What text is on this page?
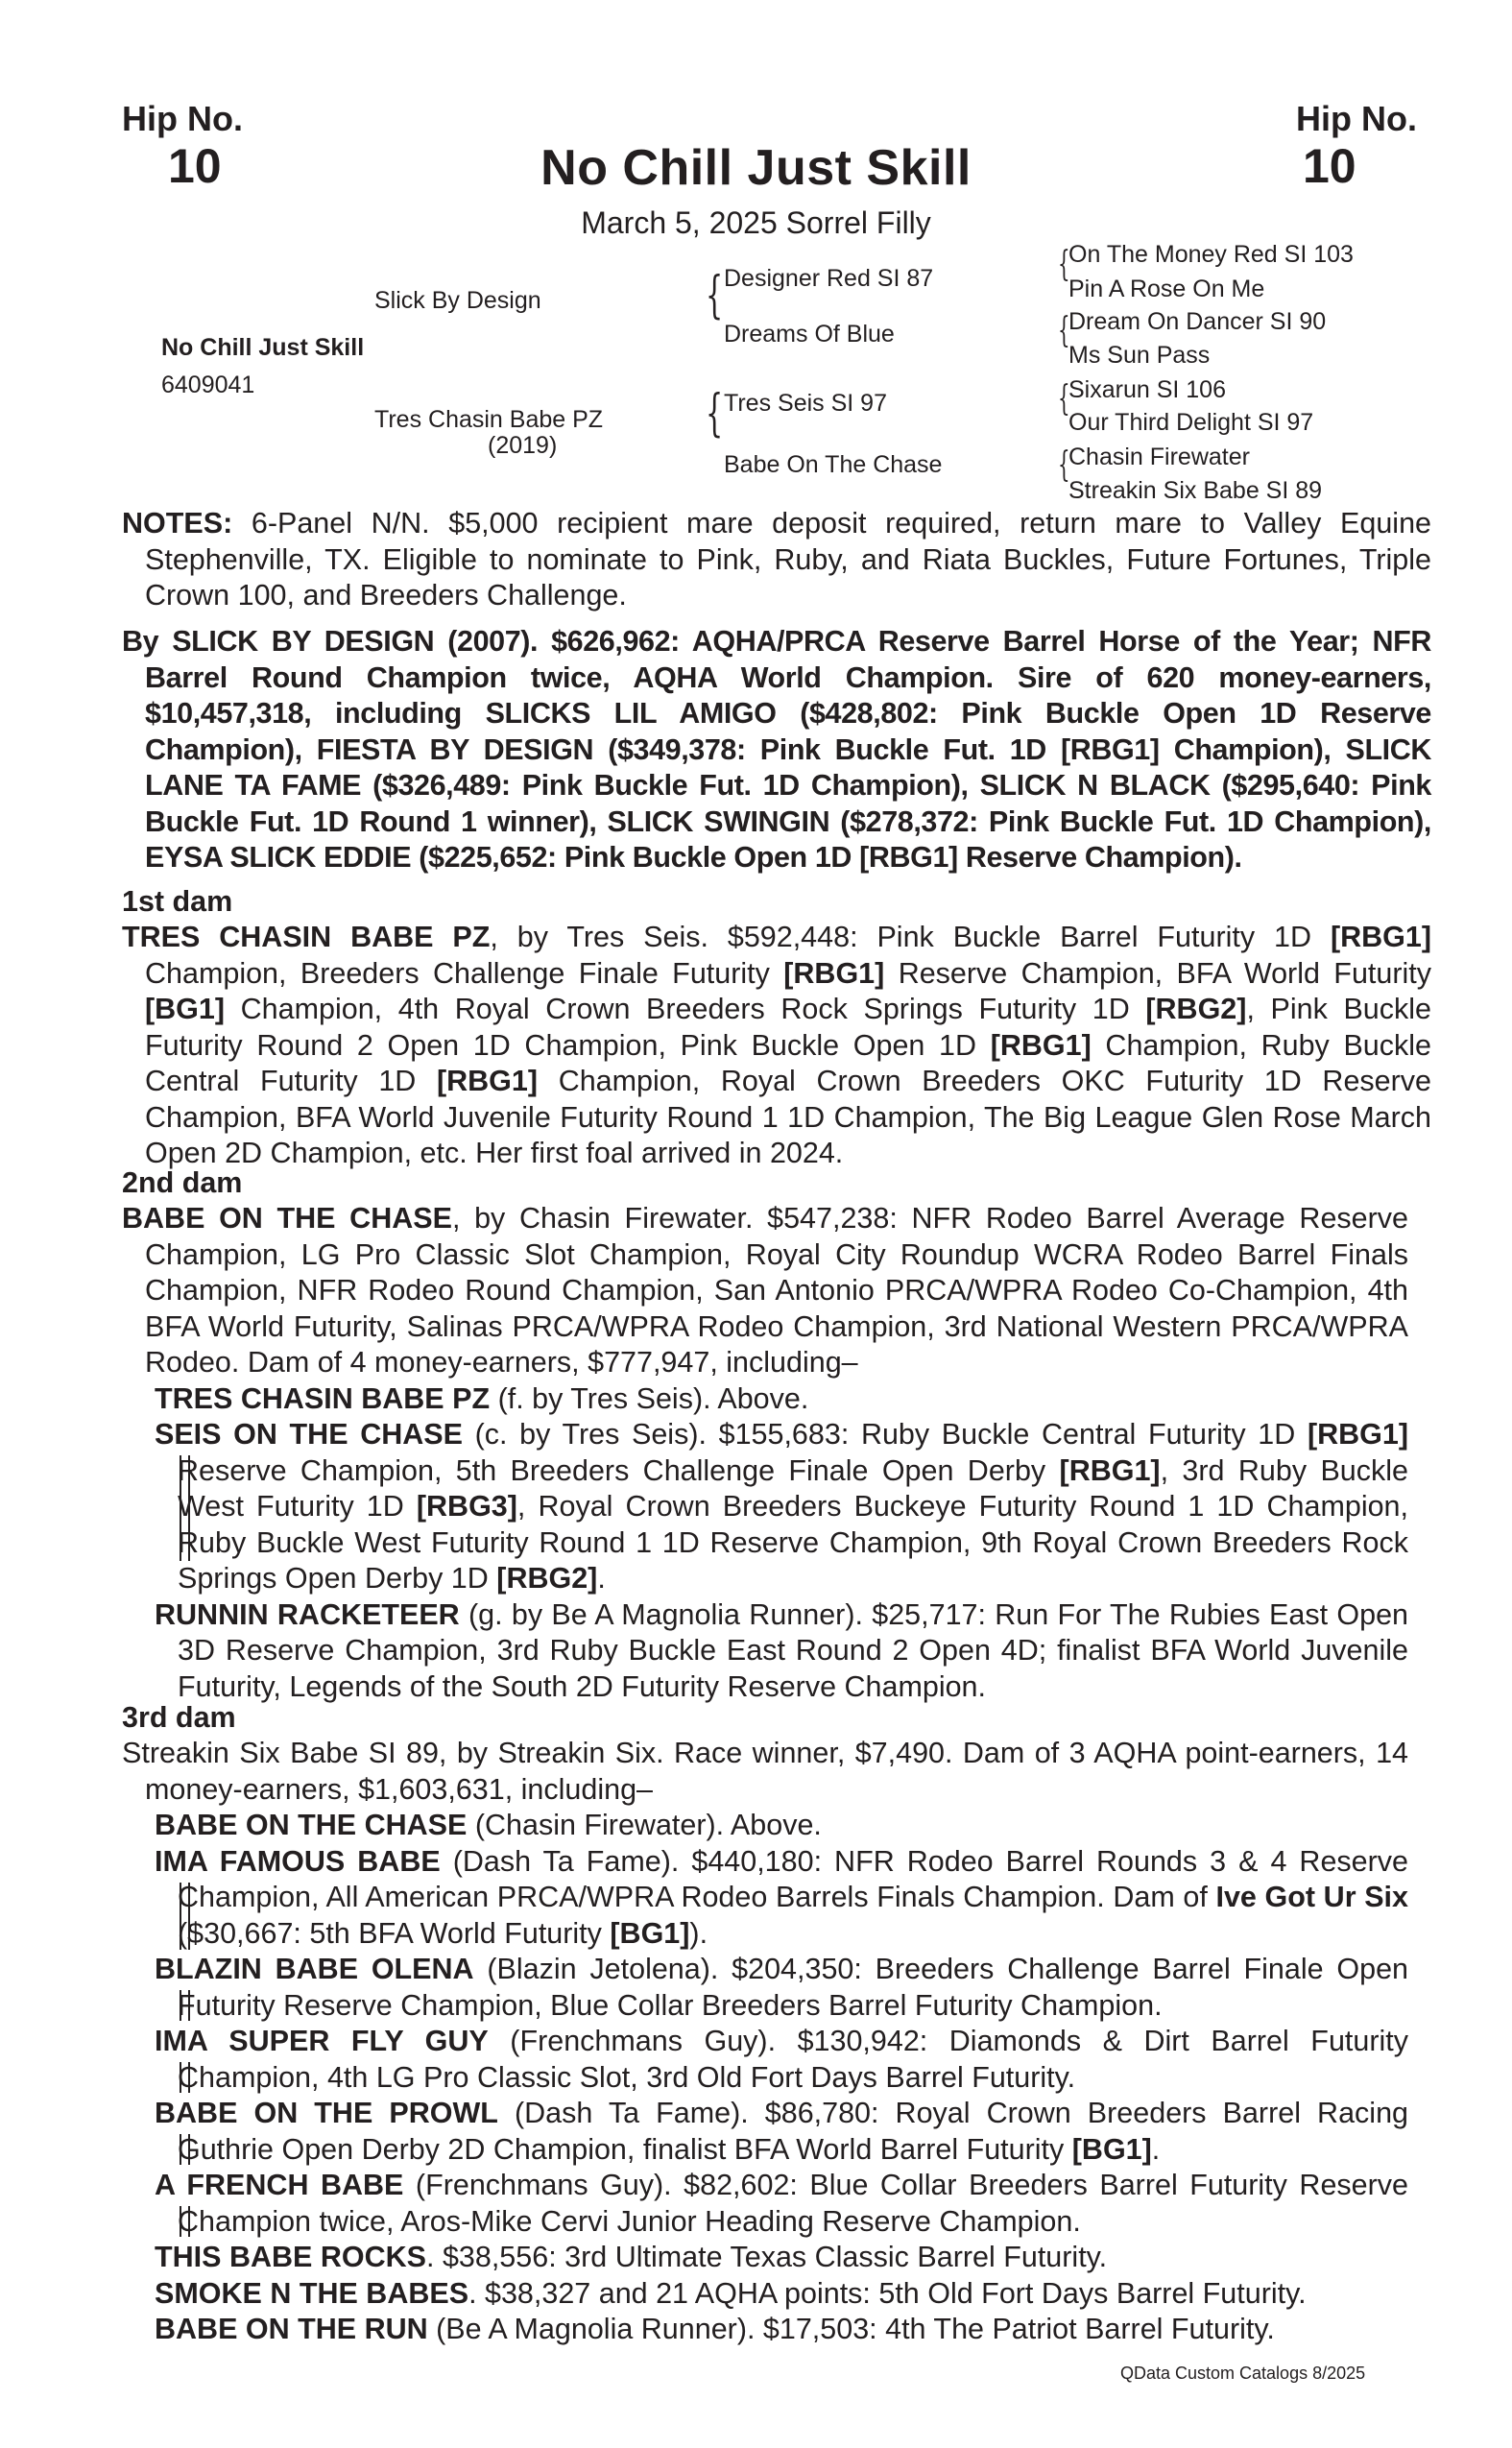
Hip No.
10
Hip No.
10
No Chill Just Skill
March 5, 2025 Sorrel Filly
No Chill Just Skill
6409041
Slick By Design
Tres Chasin Babe PZ
(2019)
{
{
Designer Red SI 87
Dreams Of Blue
Tres Seis SI 97
Babe On The Chase
{
{
{
{
On The Money Red SI 103
Pin A Rose On Me
Dream On Dancer SI 90
Ms Sun Pass
Sixarun SI 106
Our Third Delight SI 97
Chasin Firewater
Streakin Six Babe SI 89
NOTES: 6-Panel N/N. $5,000 recipient mare deposit required, return mare to Valley Equine Stephenville, TX. Eligible to nominate to Pink, Ruby, and Riata Buckles, Future Fortunes, Triple Crown 100, and Breeders Challenge.
By SLICK BY DESIGN (2007). $626,962: AQHA/PRCA Reserve Barrel Horse of the Year; NFR Barrel Round Champion twice, AQHA World Champion. Sire of 620 money-earners, $10,457,318, including SLICKS LIL AMIGO ($428,802: Pink Buckle Open 1D Reserve Champion), FIESTA BY DESIGN ($349,378: Pink Buckle Fut. 1D [RBG1] Champion), SLICK LANE TA FAME ($326,489: Pink Buckle Fut. 1D Champion), SLICK N BLACK ($295,640: Pink Buckle Fut. 1D Round 1 winner), SLICK SWINGIN ($278,372: Pink Buckle Fut. 1D Champion), EYSA SLICK EDDIE ($225,652: Pink Buckle Open 1D [RBG1] Reserve Champion).
1st dam
TRES CHASIN BABE PZ, by Tres Seis. $592,448: Pink Buckle Barrel Futurity 1D [RBG1] Champion, Breeders Challenge Finale Futurity [RBG1] Reserve Champion, BFA World Futurity [BG1] Champion, 4th Royal Crown Breeders Rock Springs Futurity 1D [RBG2], Pink Buckle Futurity Round 2 Open 1D Champion, Pink Buckle Open 1D [RBG1] Champion, Ruby Buckle Central Futurity 1D [RBG1] Champion, Royal Crown Breeders OKC Futurity 1D Reserve Champion, BFA World Juvenile Futurity Round 1 1D Champion, The Big League Glen Rose March Open 2D Champion, etc. Her first foal arrived in 2024.
2nd dam
BABE ON THE CHASE, by Chasin Firewater. $547,238: NFR Rodeo Barrel Average Reserve Champion, LG Pro Classic Slot Champion, Royal City Roundup WCRA Rodeo Barrel Finals Champion, NFR Rodeo Round Champion, San Antonio PRCA/WPRA Rodeo Co-Champion, 4th BFA World Futurity, Salinas PRCA/WPRA Rodeo Champion, 3rd National Western PRCA/WPRA Rodeo. Dam of 4 money-earners, $777,947, including–
TRES CHASIN BABE PZ (f. by Tres Seis). Above.
SEIS ON THE CHASE (c. by Tres Seis). $155,683: Ruby Buckle Central Futurity 1D [RBG1] Reserve Champion, 5th Breeders Challenge Finale Open Derby [RBG1], 3rd Ruby Buckle West Futurity 1D [RBG3], Royal Crown Breeders Buckeye Futurity Round 1 1D Champion, Ruby Buckle West Futurity Round 1 1D Reserve Champion, 9th Royal Crown Breeders Rock Springs Open Derby 1D [RBG2].
RUNNIN RACKETEER (g. by Be A Magnolia Runner). $25,717: Run For The Rubies East Open 3D Reserve Champion, 3rd Ruby Buckle East Round 2 Open 4D; finalist BFA World Juvenile Futurity, Legends of the South 2D Futurity Reserve Champion.
3rd dam
Streakin Six Babe SI 89, by Streakin Six. Race winner, $7,490. Dam of 3 AQHA point-earners, 14 money-earners, $1,603,631, including–
BABE ON THE CHASE (Chasin Firewater). Above.
IMA FAMOUS BABE (Dash Ta Fame). $440,180: NFR Rodeo Barrel Rounds 3 & 4 Reserve Champion, All American PRCA/WPRA Rodeo Barrels Finals Champion. Dam of Ive Got Ur Six ($30,667: 5th BFA World Futurity [BG1]).
BLAZIN BABE OLENA (Blazin Jetolena). $204,350: Breeders Challenge Barrel Finale Open Futurity Reserve Champion, Blue Collar Breeders Barrel Futurity Champion.
IMA SUPER FLY GUY (Frenchmans Guy). $130,942: Diamonds & Dirt Barrel Futurity Champion, 4th LG Pro Classic Slot, 3rd Old Fort Days Barrel Futurity.
BABE ON THE PROWL (Dash Ta Fame). $86,780: Royal Crown Breeders Barrel Racing Guthrie Open Derby 2D Champion, finalist BFA World Barrel Futurity [BG1].
A FRENCH BABE (Frenchmans Guy). $82,602: Blue Collar Breeders Barrel Futurity Reserve Champion twice, Aros-Mike Cervi Junior Heading Reserve Champion.
THIS BABE ROCKS. $38,556: 3rd Ultimate Texas Classic Barrel Futurity.
SMOKE N THE BABES. $38,327 and 21 AQHA points: 5th Old Fort Days Barrel Futurity.
BABE ON THE RUN (Be A Magnolia Runner). $17,503: 4th The Patriot Barrel Futurity.
QData Custom Catalogs 8/2025
